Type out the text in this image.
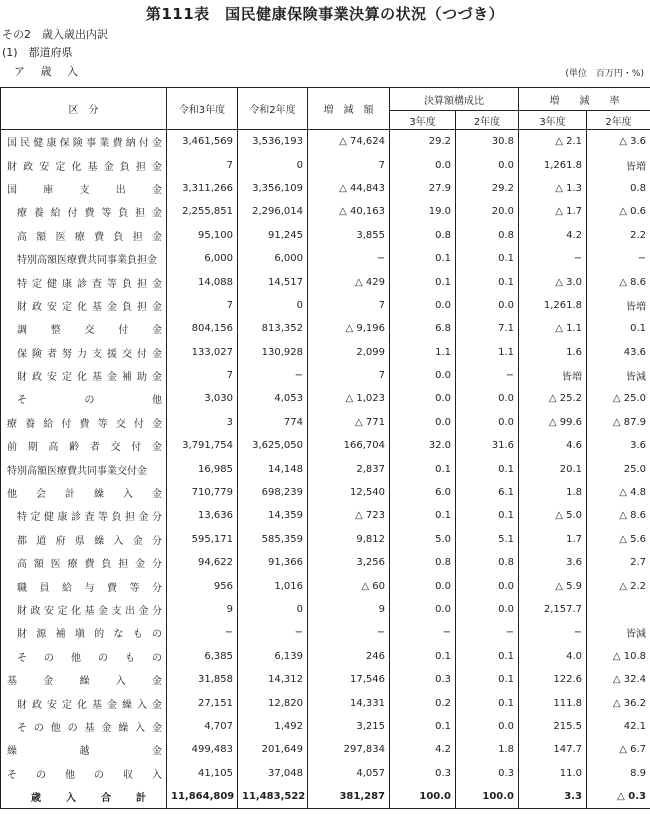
第111表　国民健康保険事業決算の状況（つづき）
その2　歳入歳出内訳
(1)　都道府県
ア 歳 入	(単位　百万円・%)
区　分	令和3年度	令和2年度	増　減　額	決算額構成比		増　　減　　率	
				3年度	2年度	3年度	2年度
国民健康保険事業費納付金	3,461,569	3,536,193	△ 74,624	29.2	30.8	△ 2.1	△ 3.6
財政安定化基金負担金	7	0	7	0.0	0.0	1,261.8	皆増
国庫支出金	3,311,266	3,356,109	△ 44,843	27.9	29.2	△ 1.3	0.8
療養給付費等負担金	2,255,851	2,296,014	△ 40,163	19.0	20.0	△ 1.7	△ 0.6
高額医療費負担金	95,100	91,245	3,855	0.8	0.8	4.2	2.2
特別高額医療費共同事業負担金	6,000	6,000	−	0.1	0.1	−	−
特定健康診査等負担金	14,088	14,517	△ 429	0.1	0.1	△ 3.0	△ 8.6
財政安定化基金負担金	7	0	7	0.0	0.0	1,261.8	皆増
調整交付金	804,156	813,352	△ 9,196	6.8	7.1	△ 1.1	0.1
保険者努力支援交付金	133,027	130,928	2,099	1.1	1.1	1.6	43.6
財政安定化基金補助金	7	−	7	0.0	−	皆増	皆減
その他	3,030	4,053	△ 1,023	0.0	0.0	△ 25.2	△ 25.0
療養給付費等交付金	3	774	△ 771	0.0	0.0	△ 99.6	△ 87.9
前期高齢者交付金	3,791,754	3,625,050	166,704	32.0	31.6	4.6	3.6
特別高額医療費共同事業交付金	16,985	14,148	2,837	0.1	0.1	20.1	25.0
他会計繰入金	710,779	698,239	12,540	6.0	6.1	1.8	△ 4.8
特定健康診査等負担金分	13,636	14,359	△ 723	0.1	0.1	△ 5.0	△ 8.6
都道府県繰入金分	595,171	585,359	9,812	5.0	5.1	1.7	△ 5.6
高額医療費負担金分	94,622	91,366	3,256	0.8	0.8	3.6	2.7
職員給与費等分	956	1,016	△ 60	0.0	0.0	△ 5.9	△ 2.2
財政安定化基金支出金分	9	0	9	0.0	0.0	2,157.7	
財源補塡的なもの	−	−	−	−	−	−	皆減
その他のもの	6,385	6,139	246	0.1	0.1	4.0	△ 10.8
基金繰入金	31,858	14,312	17,546	0.3	0.1	122.6	△ 32.4
財政安定化基金繰入金	27,151	12,820	14,331	0.2	0.1	111.8	△ 36.2
その他の基金繰入金	4,707	1,492	3,215	0.1	0.0	215.5	42.1
繰越金	499,483	201,649	297,834	4.2	1.8	147.7	△ 6.7
その他の収入	41,105	37,048	4,057	0.3	0.3	11.0	8.9
歳入合計	11,864,809	11,483,522	381,287	100.0	100.0	3.3	△ 0.3
